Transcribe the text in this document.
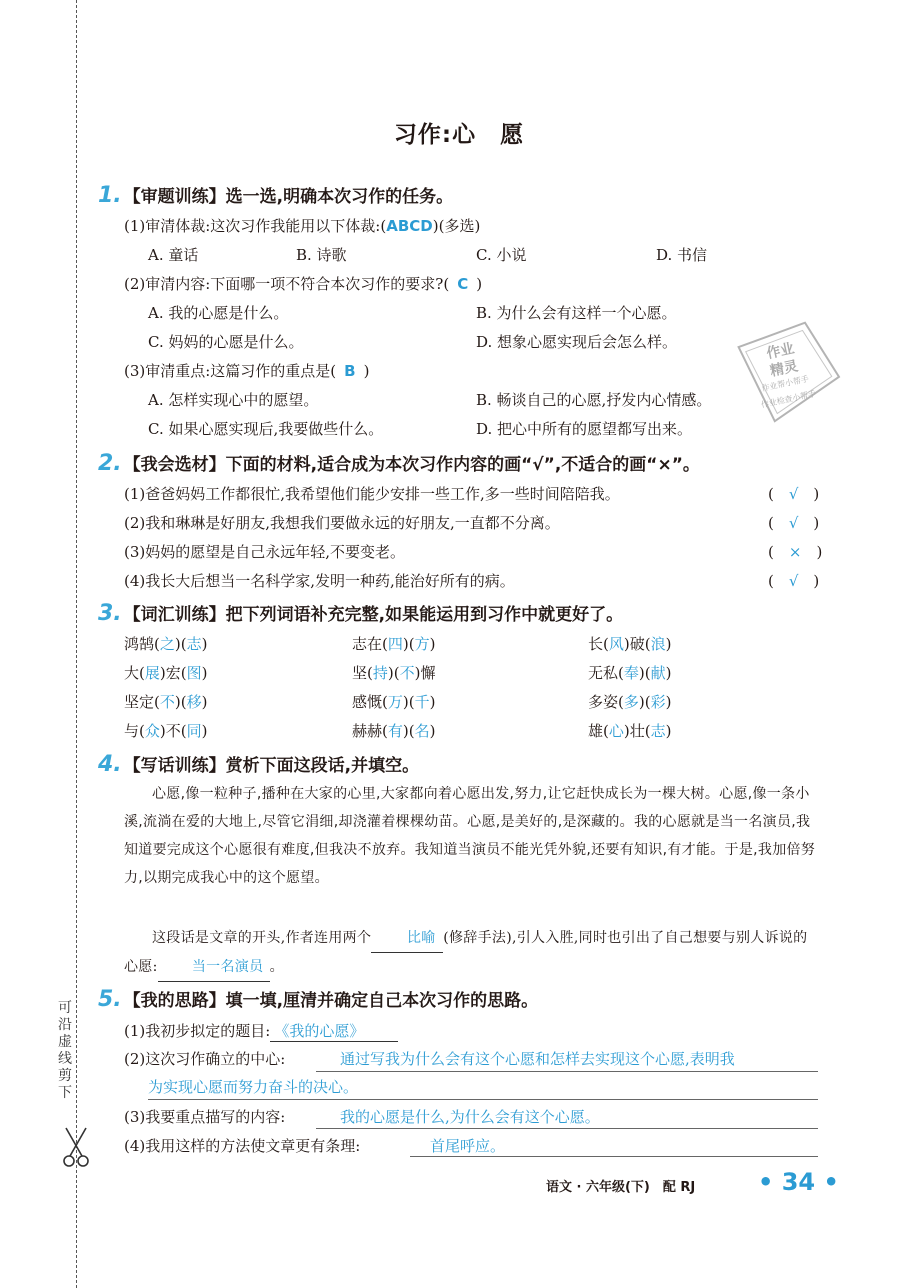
可沿虚线剪下
习作:心　愿
作业
精灵
作业帮小帮手
作业检查小帮手
1. 【审题训练】选一选,明确本次习作的任务。
(1)审清体裁:这次习作我能用以下体裁:(ABCD)(多选)
A. 童话	B. 诗歌	C. 小说	D. 书信
(2)审清内容:下面哪一项不符合本次习作的要求?( C )
A. 我的心愿是什么。	B. 为什么会有这样一个心愿。
C. 妈妈的心愿是什么。	D. 想象心愿实现后会怎么样。
(3)审清重点:这篇习作的重点是( B )
A. 怎样实现心中的愿望。	B. 畅谈自己的心愿,抒发内心情感。
C. 如果心愿实现后,我要做些什么。	D. 把心中所有的愿望都写出来。
2. 【我会选材】下面的材料,适合成为本次习作内容的画“√”,不适合的画“×”。
(1)爸爸妈妈工作都很忙,我希望他们能少安排一些工作,多一些时间陪陪我。	(　√　)
(2)我和琳琳是好朋友,我想我们要做永远的好朋友,一直都不分离。	(　√　)
(3)妈妈的愿望是自己永远年轻,不要变老。	(　×　)
(4)我长大后想当一名科学家,发明一种药,能治好所有的病。	(　√　)
3. 【词汇训练】把下列词语补充完整,如果能运用到习作中就更好了。
鸿鹄(之)(志)	志在(四)(方)	长(风)破(浪)
大(展)宏(图)	坚(持)(不)懈	无私(奉)(献)
坚定(不)(移)	感慨(万)(千)	多姿(多)(彩)
与(众)不(同)	赫赫(有)(名)	雄(心)壮(志)
4. 【写话训练】赏析下面这段话,并填空。
心愿,像一粒种子,播种在大家的心里,大家都向着心愿出发,努力,让它赶快成长为一棵大树。心愿,像一条小溪,流淌在爱的大地上,尽管它涓细,却浇灌着棵棵幼苗。心愿,是美好的,是深藏的。我的心愿就是当一名演员,我知道要完成这个心愿很有难度,但我决不放弃。我知道当演员不能光凭外貌,还要有知识,有才能。于是,我加倍努力,以期完成我心中的这个愿望。
这段话是文章的开头,作者连用两个	比喻 (修辞手法),引人入胜,同时也引出了自己想要与别人诉说的心愿: 当一名演员 。
5. 【我的思路】填一填,厘清并确定自己本次习作的思路。
(1)我初步拟定的题目: 《我的心愿》
(2)这次习作确立的中心:	通过写我为什么会有这个心愿和怎样去实现这个心愿,表明我
为实现心愿而努力奋斗的决心。
(3)我要重点描写的内容:	我的心愿是什么,为什么会有这个心愿。
(4)我用这样的方法使文章更有条理:	首尾呼应。
语文 · 六年级(下)　配 RJ	• 34 •
